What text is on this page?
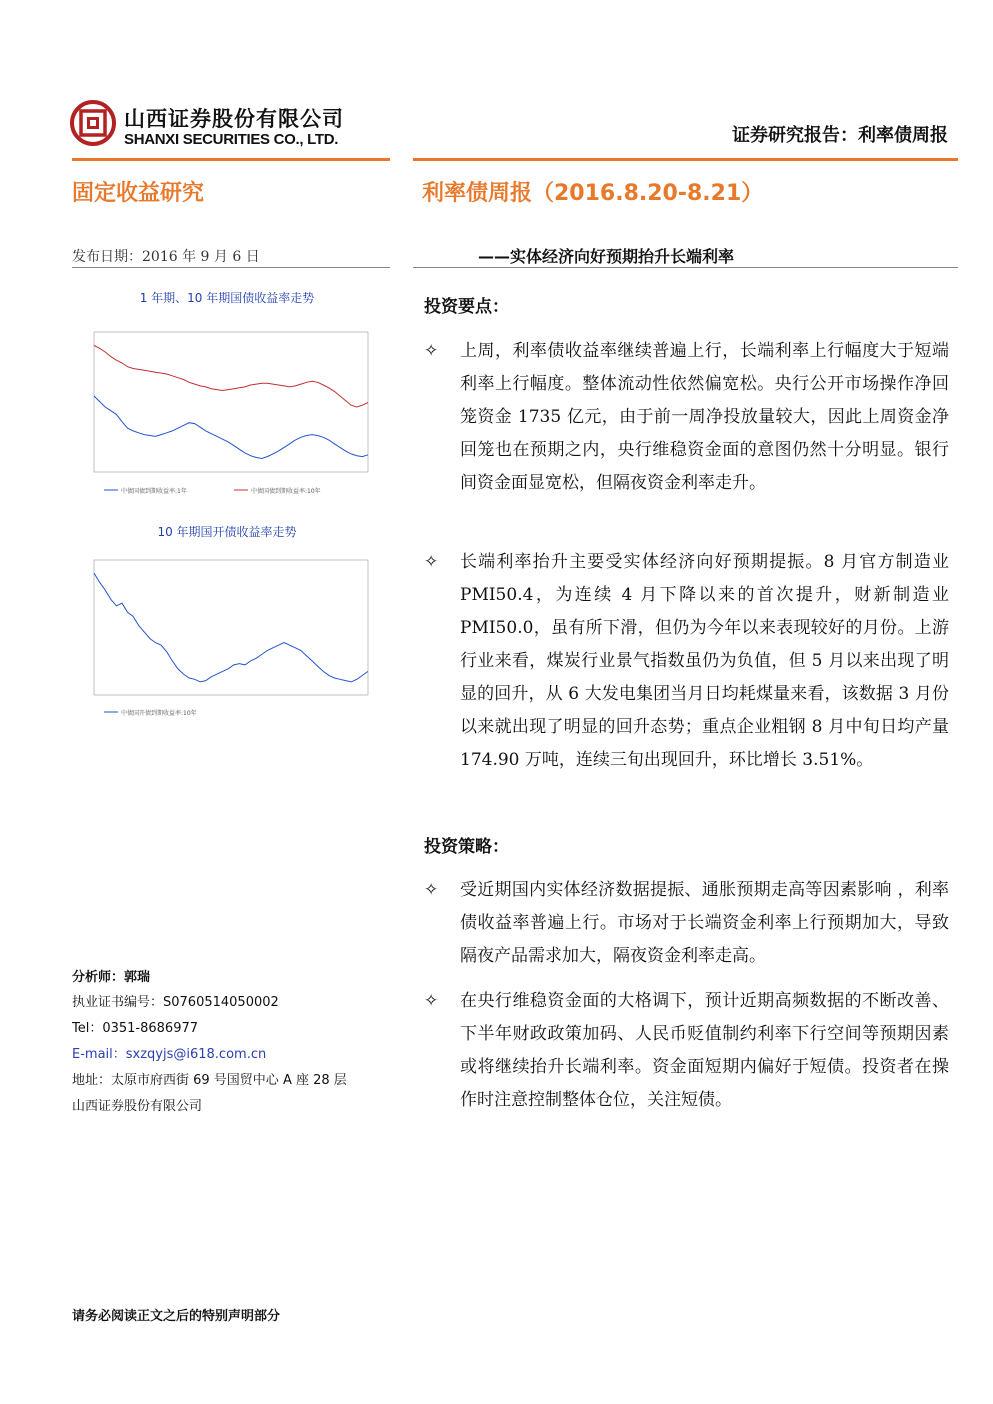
山西证券股份有限公司
SHANXI SECURITIES CO., LTD.	证券研究报告：利率债周报
固定收益研究	利率债周报（2016.8.20-8.21）
发布日期：2016 年 9 月 6 日	——实体经济向好预期抬升长端利率
1 年期、10 年期国债收益率走势
中债国债到期收益率:1年	中债国债到期收益率:10年
10 年期国开债收益率走势
中债国开债到期收益率:10年
投资要点：
✧ 上周，利率债收益率继续普遍上行，长端利率上行幅度大于短端利率上行幅度。整体流动性依然偏宽松。央行公开市场操作净回笼资金 1735 亿元，由于前一周净投放量较大，因此上周资金净回笼也在预期之内，央行维稳资金面的意图仍然十分明显。银行间资金面显宽松，但隔夜资金利率走升。
✧ 长端利率抬升主要受实体经济向好预期提振。8 月官方制造业 PMI50.4，为连续 4 月下降以来的首次提升，财新制造业 PMI50.0，虽有所下滑，但仍为今年以来表现较好的月份。上游行业来看，煤炭行业景气指数虽仍为负值，但 5 月以来出现了明显的回升，从 6 大发电集团当月日均耗煤量来看，该数据 3 月份以来就出现了明显的回升态势；重点企业粗钢 8 月中旬日均产量 174.90 万吨，连续三旬出现回升，环比增长 3.51%。
投资策略：
✧ 受近期国内实体经济数据提振、通胀预期走高等因素影响 ，利率债收益率普遍上行。市场对于长端资金利率上行预期加大，导致隔夜产品需求加大，隔夜资金利率走高。
✧ 在央行维稳资金面的大格调下，预计近期高频数据的不断改善、下半年财政政策加码、人民币贬值制约利率下行空间等预期因素或将继续抬升长端利率。资金面短期内偏好于短债。投资者在操作时注意控制整体仓位，关注短债。
分析师：郭瑞
执业证书编号：S0760514050002
Tel：0351-8686977
E-mail：sxzqyjs@i618.com.cn
地址：太原市府西街 69 号国贸中心 A 座 28 层
山西证券股份有限公司
请务必阅读正文之后的特别声明部分
